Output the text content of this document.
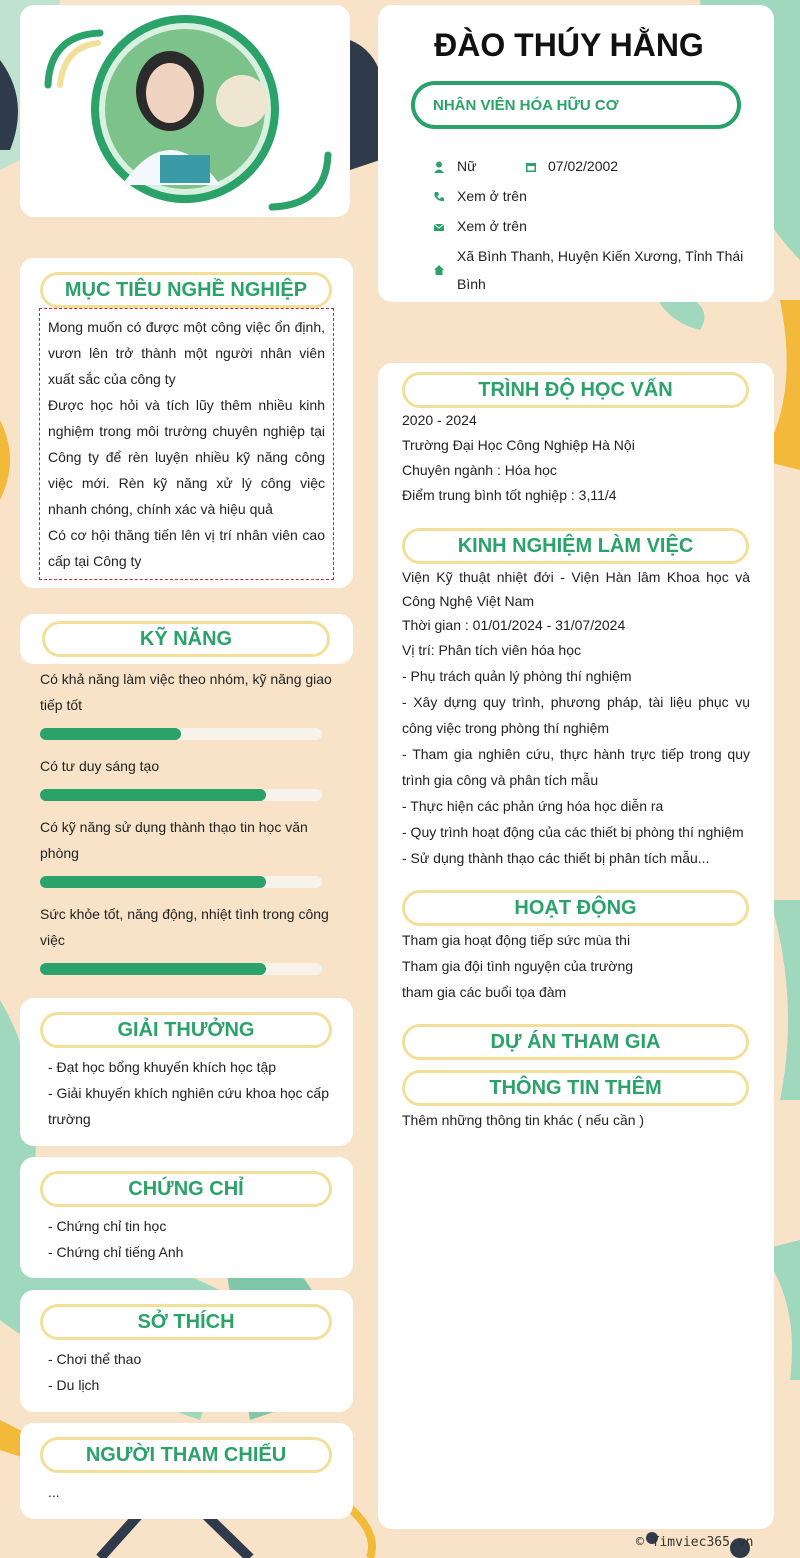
ĐÀO THÚY HẰNG
NHÂN VIÊN HÓA HỮU CƠ
Nữ	07/02/2002
Xem ở trên
Xem ở trên
Xã Bình Thanh, Huyện Kiến Xương, Tỉnh Thái Bình
MỤC TIÊU NGHỀ NGHIỆP
Mong muốn có được một công việc ổn định, vươn lên trở thành một người nhân viên xuất sắc của công ty
Được học hỏi và tích lũy thêm nhiều kinh nghiệm trong môi trường chuyên nghiệp tại Công ty để rèn luyện nhiều kỹ năng công việc mới. Rèn kỹ năng xử lý công việc nhanh chóng, chính xác và hiệu quả
Có cơ hội thăng tiến lên vị trí nhân viên cao cấp tại Công ty
KỸ NĂNG
Có khả năng làm việc theo nhóm, kỹ năng giao tiếp tốt
Có tư duy sáng tạo
Có kỹ năng sử dụng thành thạo tin học văn phòng
Sức khỏe tốt, năng động, nhiệt tình trong công việc
GIẢI THƯỞNG
- Đạt học bổng khuyến khích học tập
- Giải khuyến khích nghiên cứu khoa học cấp trường
CHỨNG CHỈ
- Chứng chỉ tin học
- Chứng chỉ tiếng Anh
SỞ THÍCH
- Chơi thể thao
- Du lịch
NGƯỜI THAM CHIẾU
...
TRÌNH ĐỘ HỌC VẤN
2020 - 2024
Trường Đại Học Công Nghiệp Hà Nội
Chuyên ngành : Hóa học
Điểm trung bình tốt nghiệp : 3,11/4
KINH NGHIỆM LÀM VIỆC
Viện Kỹ thuật nhiệt đới - Viện Hàn lâm Khoa học và Công Nghệ Việt Nam
Thời gian : 01/01/2024 - 31/07/2024
Vị trí: Phân tích viên hóa học
- Phụ trách quản lý phòng thí nghiệm
- Xây dựng quy trình, phương pháp, tài liệu phục vụ công việc trong phòng thí nghiệm
- Tham gia nghiên cứu, thực hành trực tiếp trong quy trình gia công và phân tích mẫu
- Thực hiện các phản ứng hóa học diễn ra
- Quy trình hoạt động của các thiết bị phòng thí nghiệm
- Sử dụng thành thạo các thiết bị phân tích mẫu...
HOẠT ĐỘNG
Tham gia hoạt động tiếp sức mùa thi
Tham gia đội tình nguyện của trường
tham gia các buổi tọa đàm
DỰ ÁN THAM GIA
THÔNG TIN THÊM
Thêm những thông tin khác ( nếu cần )
© Timviec365.vn
